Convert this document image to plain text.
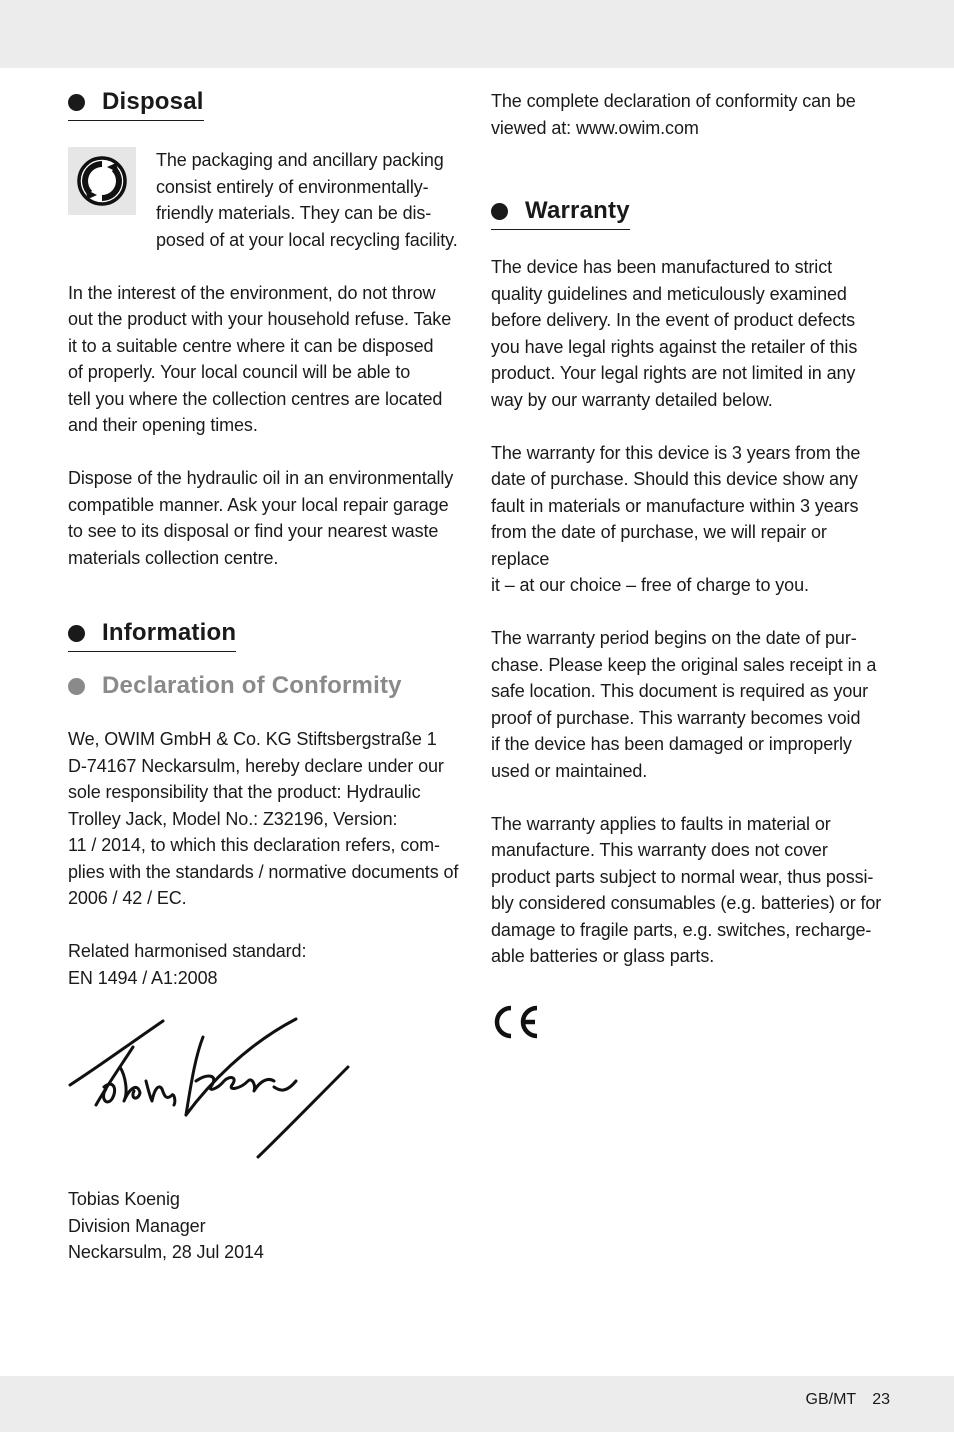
Disposal

The packaging and ancillary packing
consist entirely of environmentally-
friendly materials. They can be dis-
posed of at your local recycling facility.

In the interest of the environment, do not throw
out the product with your household refuse. Take
it to a suitable centre where it can be disposed
of properly. Your local council will be able to
tell you where the collection centres are located
and their opening times.

Dispose of the hydraulic oil in an environmentally
compatible manner. Ask your local repair garage
to see to its disposal or find your nearest waste
materials collection centre.

Information
Declaration of Conformity

We, OWIM GmbH & Co. KG Stiftsbergstraße 1
D-74167 Neckarsulm, hereby declare under our
sole responsibility that the product: Hydraulic
Trolley Jack, Model No.: Z32196, Version:
11 / 2014, to which this declaration refers, com-
plies with the standards / normative documents of
2006 / 42 / EC.

Related harmonised standard:

EN 1494 / A1:2008

Tobias Koenig

Division Manager

Neckarsulm, 28 Jul 2014

The complete declaration of conformity can be
viewed at: www.owim.com

Warranty

The device has been manufactured to strict
quality guidelines and meticulously examined
before delivery. In the event of product defects
you have legal rights against the retailer of this
product. Your legal rights are not limited in any
way by our warranty detailed below.

The warranty for this device is 3 years from the
date of purchase. Should this device show any
fault in materials or manufacture within 3 years
from the date of purchase, we will repair or replace
it – at our choice – free of charge to you.

The warranty period begins on the date of pur-
chase. Please keep the original sales receipt in a
safe location. This document is required as your
proof of purchase. This warranty becomes void
if the device has been damaged or improperly
used or maintained.

The warranty applies to faults in material or
manufacture. This warranty does not cover
product parts subject to normal wear, thus possi-
bly considered consumables (e.g. batteries) or for
damage to fragile parts, e.g. switches, recharge-
able batteries or glass parts.

GB/MT 23
